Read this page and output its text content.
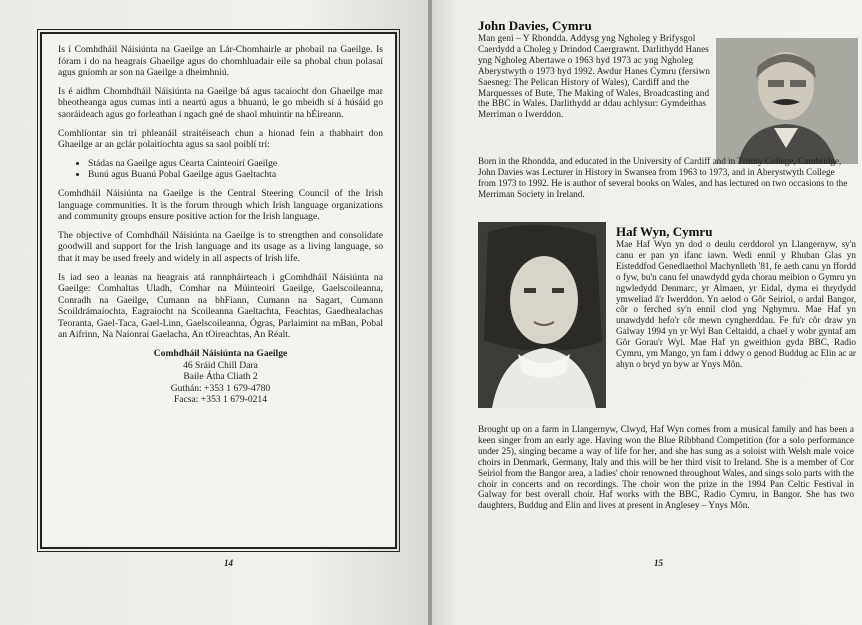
Is í Comhdháil Náisiúnta na Gaeilge an Lár-Chomhairle ar phobail na Gaeilge. Is fóram í do na heagrais Ghaeilge agus do chomhluadair eile sa phobal chun polasaí agus gníomh ar son na Gaeilge a dheimhniú.

Is é aidhm Chomhdháil Náisiúnta na Gaeilge bá agus tacaíocht don Ghaeilge mar bheotheanga agus cumas inti a neartú agus a bhuanú, le go mbeidh sí á húsáid go saoráideach agus go forleathan i ngach gné de shaol mhuintir na hÉireann.

Comhlíontar sin trí phleanáil straitéiseach chun a hionad fein a thabhairt don Ghaeilge ar an gclár polaitíochta agus sa saol poiblí trí:

• Stádas na Gaeilge agus Cearta Cainteoirí Gaeilge
• Bunú agus Buanú Pobal Gaeilge agus Gaeltachta

Comhdháil Náisiúnta na Gaeilge is the Central Steering Council of the Irish language communities. It is the forum through which Irish language organizations and community groups ensure positive action for the Irish language.

The objective of Comhdháil Náisiúnta na Gaeilge is to strengthen and consolidate goodwill and support for the Irish language and its usage as a living language, so that it may be used freely and widely in all aspects of Irish life.

Is iad seo a leanas na heagrais atá rannpháirteach i gComhdháil Náisiúnta na Gaeilge: Comhaltas Uladh, Comhar na Múinteoirí Gaeilge, Gaelscoileanna, Conradh na Gaeilge, Cumann na bhFiann, Cumann na Sagart, Cumann Scoildrámaíochta, Eagraíocht na Scoileanna Gaeltachta, Feachtas, Gaedhealachas Teoranta, Gael-Taca, Gael-Linn, Gaelscoileanna, Ógras, Parlaimint na mBan, Pobal an Aifrinn, Na Naíonraí Gaelacha, An tOireachtas, An Réalt.

Comhdháil Náisiúnta na Gaeilge
46 Sráid Chill Dara
Baile Átha Cliath 2
Guthán: +353 1 679-4780
Facsa: +353 1 679-0214
14
John Davies, Cymru
Man geni – Y Rhondda. Addysg yng Ngholeg y Brifysgol Caerdydd a Choleg y Drindod Caergrawnt. Darlithydd Hanes yng Ngholeg Abertawe o 1963 hyd 1973 ac yng Ngholeg Aberystwyth o 1973 hyd 1992. Awdur Hanes Cymru (fersiwn Saesneg: The Pelican History of Wales), Cardiff and the Marquesses of Bute, The Making of Wales, Broadcasting and the BBC in Wales. Darlithydd ar ddau achlysur: Gymdeithas Merriman o Iwerddon.
Born in the Rhondda, and educated in the University of Cardiff and in Trinity College, Cambridge, John Davies was Lecturer in History in Swansea from 1963 to 1973, and in Aberystwyth College from 1973 to 1992. He is author of several books on Wales, and has lectured on two occasions to the Merriman Society in Ireland.
Haf Wyn, Cymru
Mae Haf Wyn yn dod o deulu cerddorol yn Llangernyw, sy'n canu er pan yn ifanc iawn. Wedi ennil y Rhuban Glas yn Eisteddfod Genedlaethol Machynlleth '81, fe aeth canu yn ffordd o fyw, bu'n canu fel unawdydd gyda chorau meibion o Gymru yn ngwledydd Denmarc, yr Almaen, yr Eidal, dyma ei thrydydd ymweliad â'r Iwerddon. Yn aelod o Gôr Seiriol, o ardal Bangor, côr o ferched sy'n ennil clod yng Nghymru. Mae Haf yn unawdydd hefo'r côr mewn cyngherddau. Fe fu'r côr draw yn Galway 1994 yn yr Wyl Ban Celtaidd, a chael y wobr gyntaf am Gôr Gorau'r Wyl. Mae Haf yn gweithion gyda BBC, Radio Cymru, ym Mango, yn fam i ddwy o genod Buddug ac Elin ac ar ahyn o bryd yn byw ar Ynys Môn.
Brought up on a farm in Llangernyw, Clwyd, Haf Wyn comes from a musical family and has been a keen singer from an early age. Having won the Blue Ribbband Competition (for a solo performance under 25), singing became a way of life for her, and she has sung as a soloist with Welsh male voice choirs in Denmark, Germany, Italy and this will be her third visit to Ireland. She is a member of Cor Seiriol from the Bangor area, a ladies' choir renowned throughout Wales, and sings solo parts with the choir in concerts and on recordings. The choir won the prize in the 1994 Pan Celtic Festival in Galway for best overall choir. Haf works with the BBC, Radio Cymru, in Bangor. She has two daughters, Buddug and Elin and lives at present in Anglesey – Ynys Môn.
15
